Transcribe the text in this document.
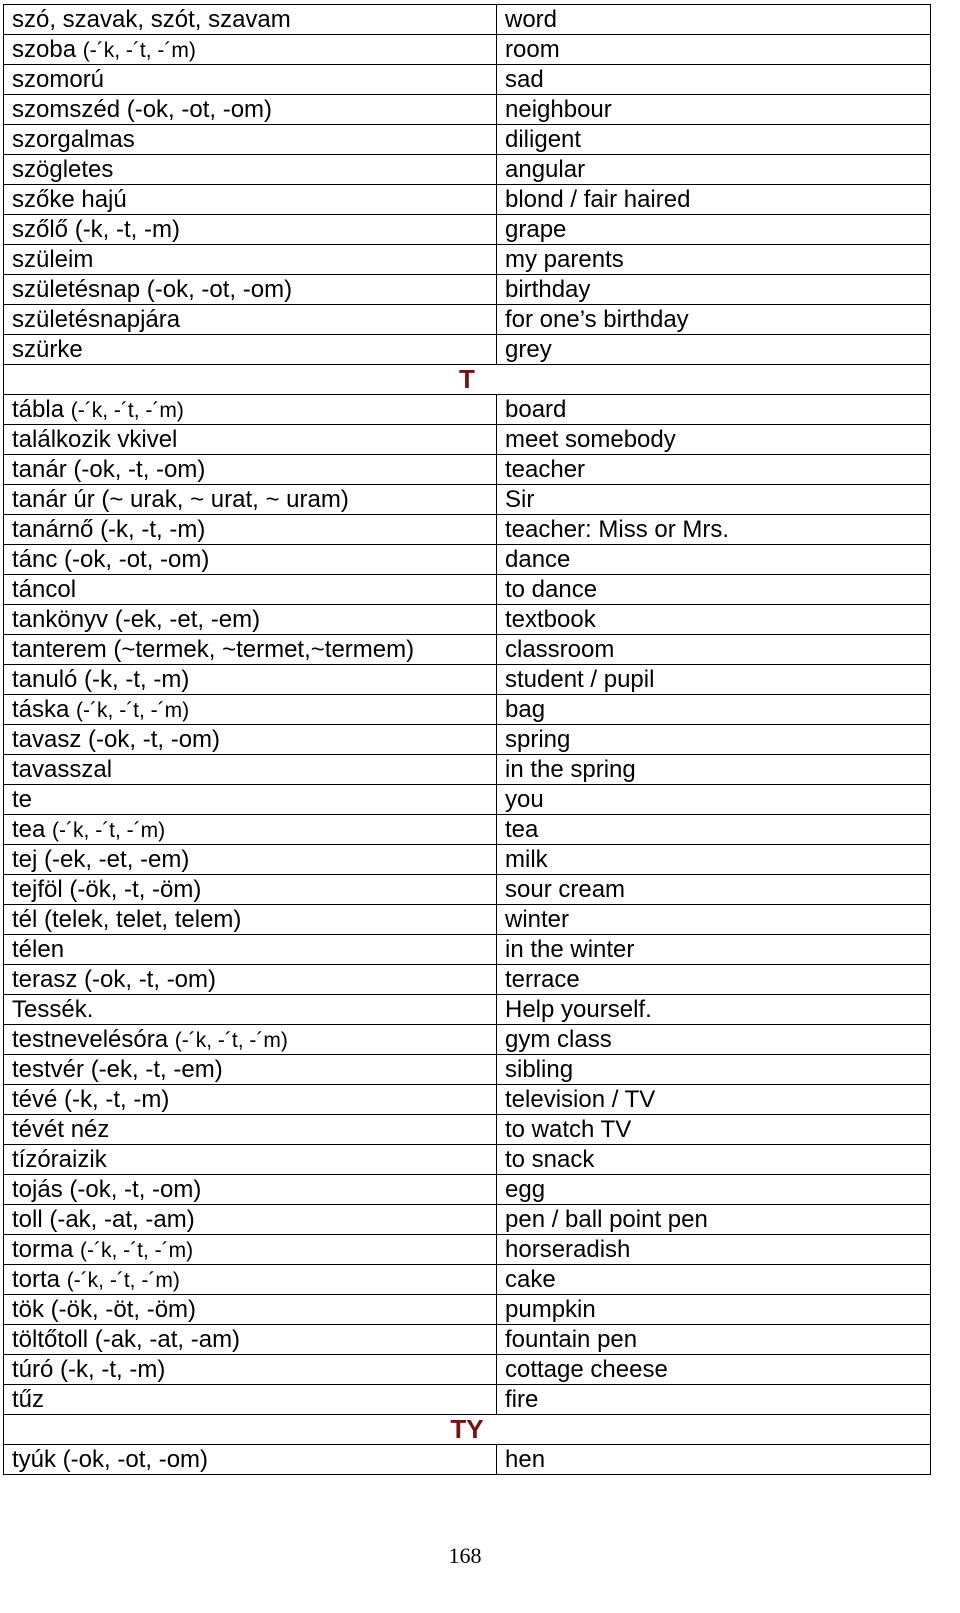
szó, szavak, szót, szavam	word
szoba (-´k, -´t, -´m)	room
szomorú	sad
szomszéd (-ok, -ot, -om)	neighbour
szorgalmas	diligent
szögletes	angular
szőke hajú	blond / fair haired
szőlő (-k, -t, -m)	grape
szüleim	my parents
születésnap (-ok, -ot, -om)	birthday
születésnapjára	for one’s birthday
szürke	grey
T	
tábla (-´k, -´t, -´m)	board
találkozik vkivel	meet somebody
tanár (-ok, -t, -om)	teacher
tanár úr (~ urak, ~ urat, ~ uram)	Sir
tanárnő (-k, -t, -m)	teacher: Miss or Mrs.
tánc (-ok, -ot, -om)	dance
táncol	to dance
tankönyv (-ek, -et, -em)	textbook
tanterem (~termek, ~termet,~termem)	classroom
tanuló (-k, -t, -m)	student / pupil
táska (-´k, -´t, -´m)	bag
tavasz (-ok, -t, -om)	spring
tavasszal	in the spring
te	you
tea (-´k, -´t, -´m)	tea
tej (-ek, -et, -em)	milk
tejföl (-ök, -t, -öm)	sour cream
tél (telek, telet, telem)	winter
télen	in the winter
terasz (-ok, -t, -om)	terrace
Tessék.	Help yourself.
testnevelésóra (-´k, -´t, -´m)	gym class
testvér (-ek, -t, -em)	sibling
tévé (-k, -t, -m)	television / TV
tévét néz	to watch TV
tízóraizik	to snack
tojás (-ok, -t, -om)	egg
toll (-ak, -at, -am)	pen / ball point pen
torma (-´k, -´t, -´m)	horseradish
torta (-´k, -´t, -´m)	cake
tök (-ök, -öt, -öm)	pumpkin
töltőtoll (-ak, -at, -am)	fountain pen
túró (-k, -t, -m)	cottage cheese
tűz	fire
TY	
tyúk (-ok, -ot, -om)	hen
168
